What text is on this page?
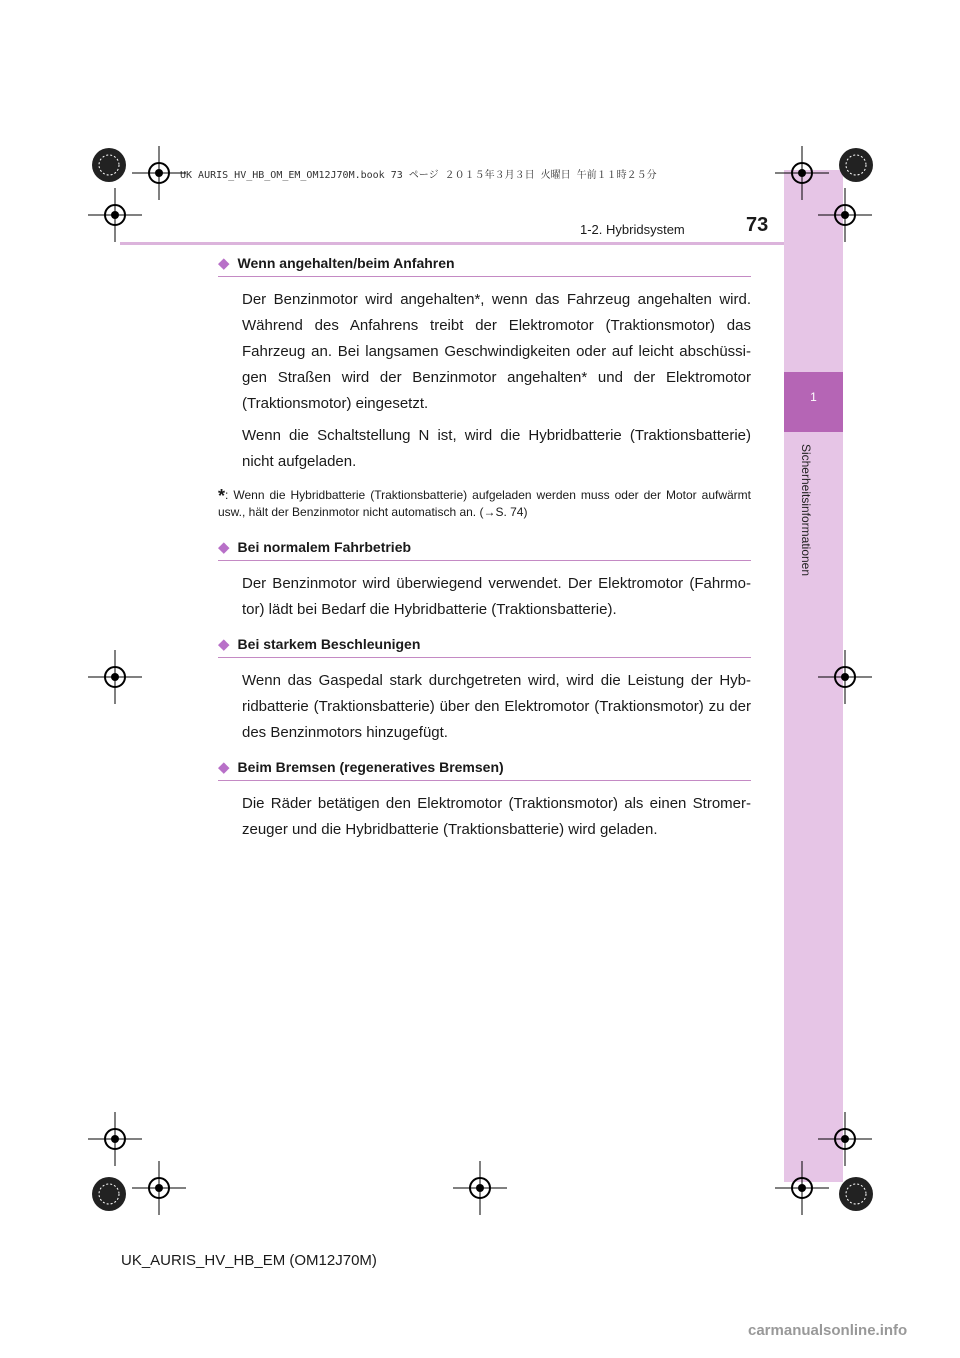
UK AURIS_HV_HB_OM_EM_OM12J70M.book 73 ページ ２０１５年３月３日 火曜日 午前１１時２５分
73
1-2. Hybridsystem
1
Sicherheitsinformationen
◆ Wenn angehalten/beim Anfahren
Der Benzinmotor wird angehalten*, wenn das Fahrzeug angehalten wird. Während des Anfahrens treibt der Elektromotor (Traktionsmotor) das Fahrzeug an. Bei langsamen Geschwindigkeiten oder auf leicht abschüssi-gen Straßen wird der Benzinmotor angehalten* und der Elektromotor (Traktionsmotor) eingesetzt.
Wenn die Schaltstellung N ist, wird die Hybridbatterie (Traktionsbatterie) nicht aufgeladen.
*: Wenn die Hybridbatterie (Traktionsbatterie) aufgeladen werden muss oder der Motor aufwärmt usw., hält der Benzinmotor nicht automatisch an. (→S. 74)
◆ Bei normalem Fahrbetrieb
Der Benzinmotor wird überwiegend verwendet. Der Elektromotor (Fahrmo-tor) lädt bei Bedarf die Hybridbatterie (Traktionsbatterie).
◆ Bei starkem Beschleunigen
Wenn das Gaspedal stark durchgetreten wird, wird die Leistung der Hyb-ridbatterie (Traktionsbatterie) über den Elektromotor (Traktionsmotor) zu der des Benzinmotors hinzugefügt.
◆ Beim Bremsen (regeneratives Bremsen)
Die Räder betätigen den Elektromotor (Traktionsmotor) als einen Stromer-zeuger und die Hybridbatterie (Traktionsbatterie) wird geladen.
UK_AURIS_HV_HB_EM (OM12J70M)
carmanualsonline.info
